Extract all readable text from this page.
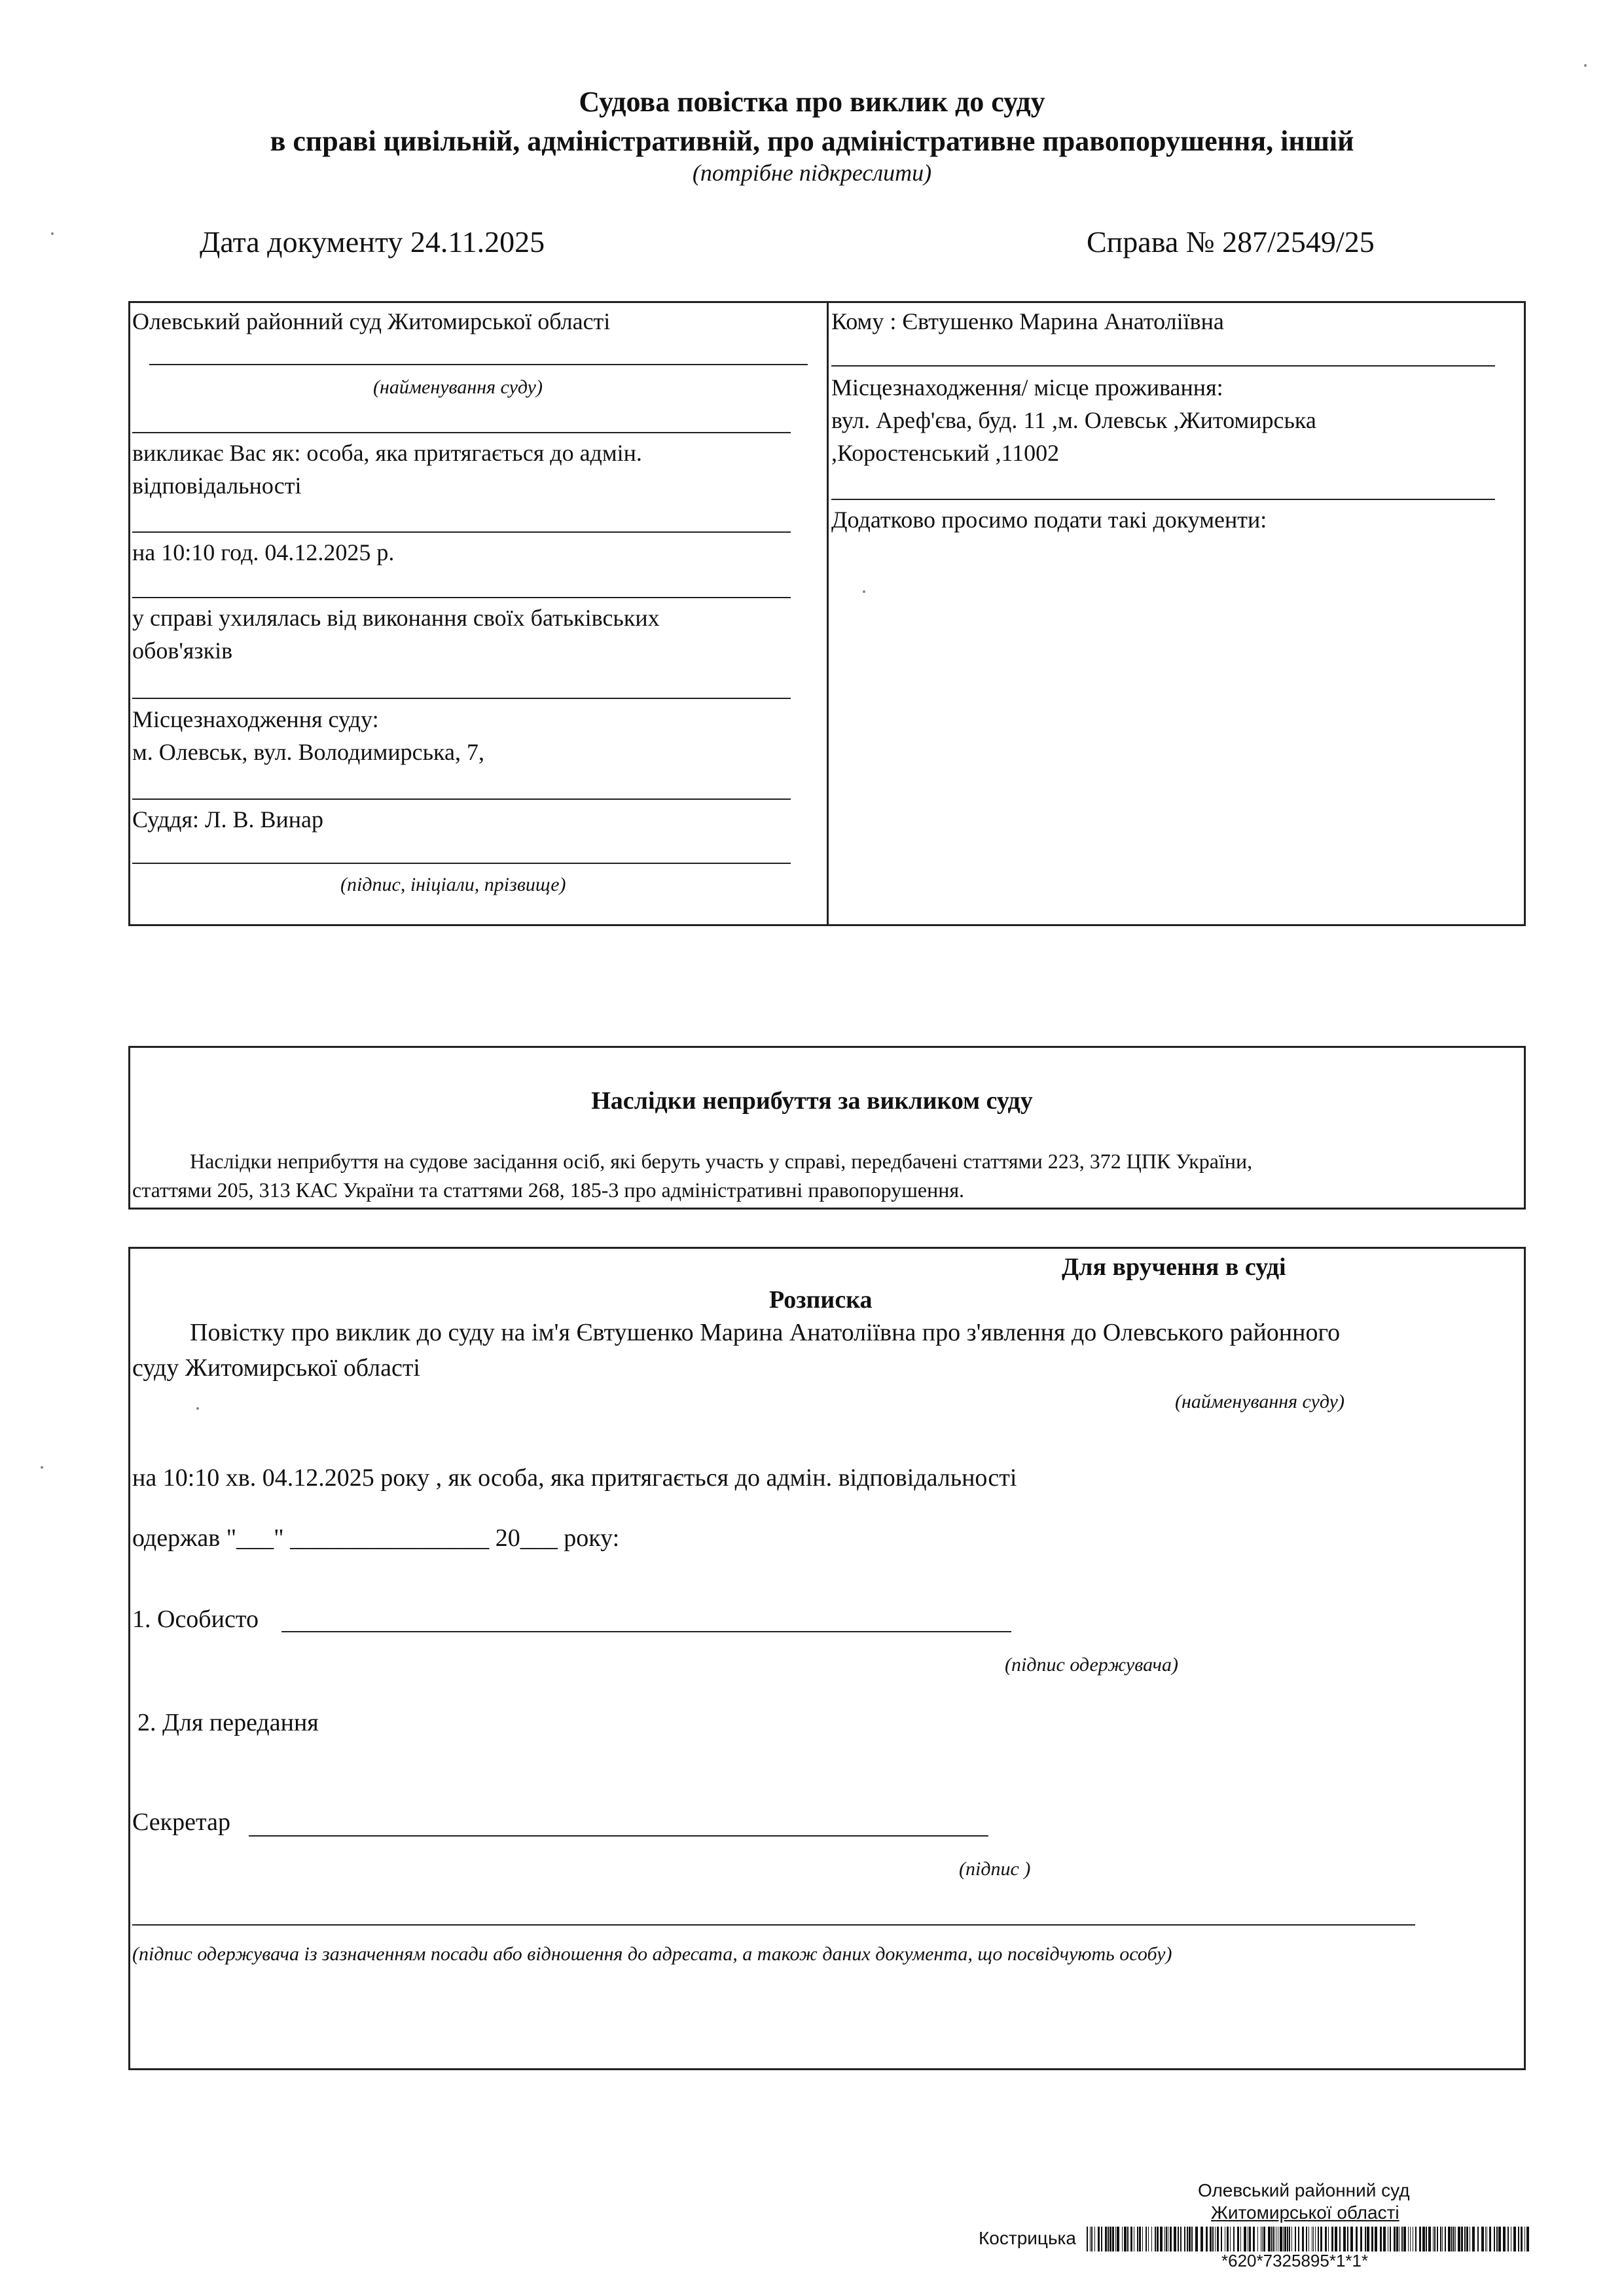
Судова повістка про виклик до суду
в справі цивільній, адміністративній, про адміністративне правопорушення, іншій
(потрібне підкреслити)
Дата документу 24.11.2025	Справа № 287/2549/25
Олевський районний суд Житомирської області
(найменування суду)
викликає Вас як: особа, яка притягається до адмін.
відповідальності
на 10:10 год. 04.12.2025 р.
у справі ухилялась від виконання своїх батьківських
обов'язків
Місцезнаходження суду:
м. Олевськ, вул. Володимирська, 7,
Суддя: Л. В. Винар
(підпис, ініціали, прізвище)
Кому : Євтушенко Марина Анатоліївна
Місцезнаходження/ місце проживання:
вул. Ареф'єва, буд. 11 ,м. Олевськ ,Житомирська
,Коростенський ,11002
Додатково просимо подати такі документи:
Наслідки неприбуття за викликом суду
Наслідки неприбуття на судове засідання осіб, які беруть участь у справі, передбачені статтями 223, 372 ЦПК України,
статтями 205, 313 КАС України та статтями 268, 185-3 про адміністративні правопорушення.
Для вручення в суді
Розписка
Повістку про виклик до суду на ім'я Євтушенко Марина Анатоліївна про з'явлення до Олевського районного
суду Житомирської області
(найменування суду)
на 10:10 хв. 04.12.2025 року , як особа, яка притягається до адмін. відповідальності
одержав "___" ________________ 20___ року:
1. Особисто
(підпис одержувача)
2. Для передання
Секретар
(підпис )
(підпис одержувача із зазначенням посади або відношення до адресата, а також даних документа, що посвідчують особу)
Олевський районний суд
Житомирської області
Кострицька
*620*7325895*1*1*
